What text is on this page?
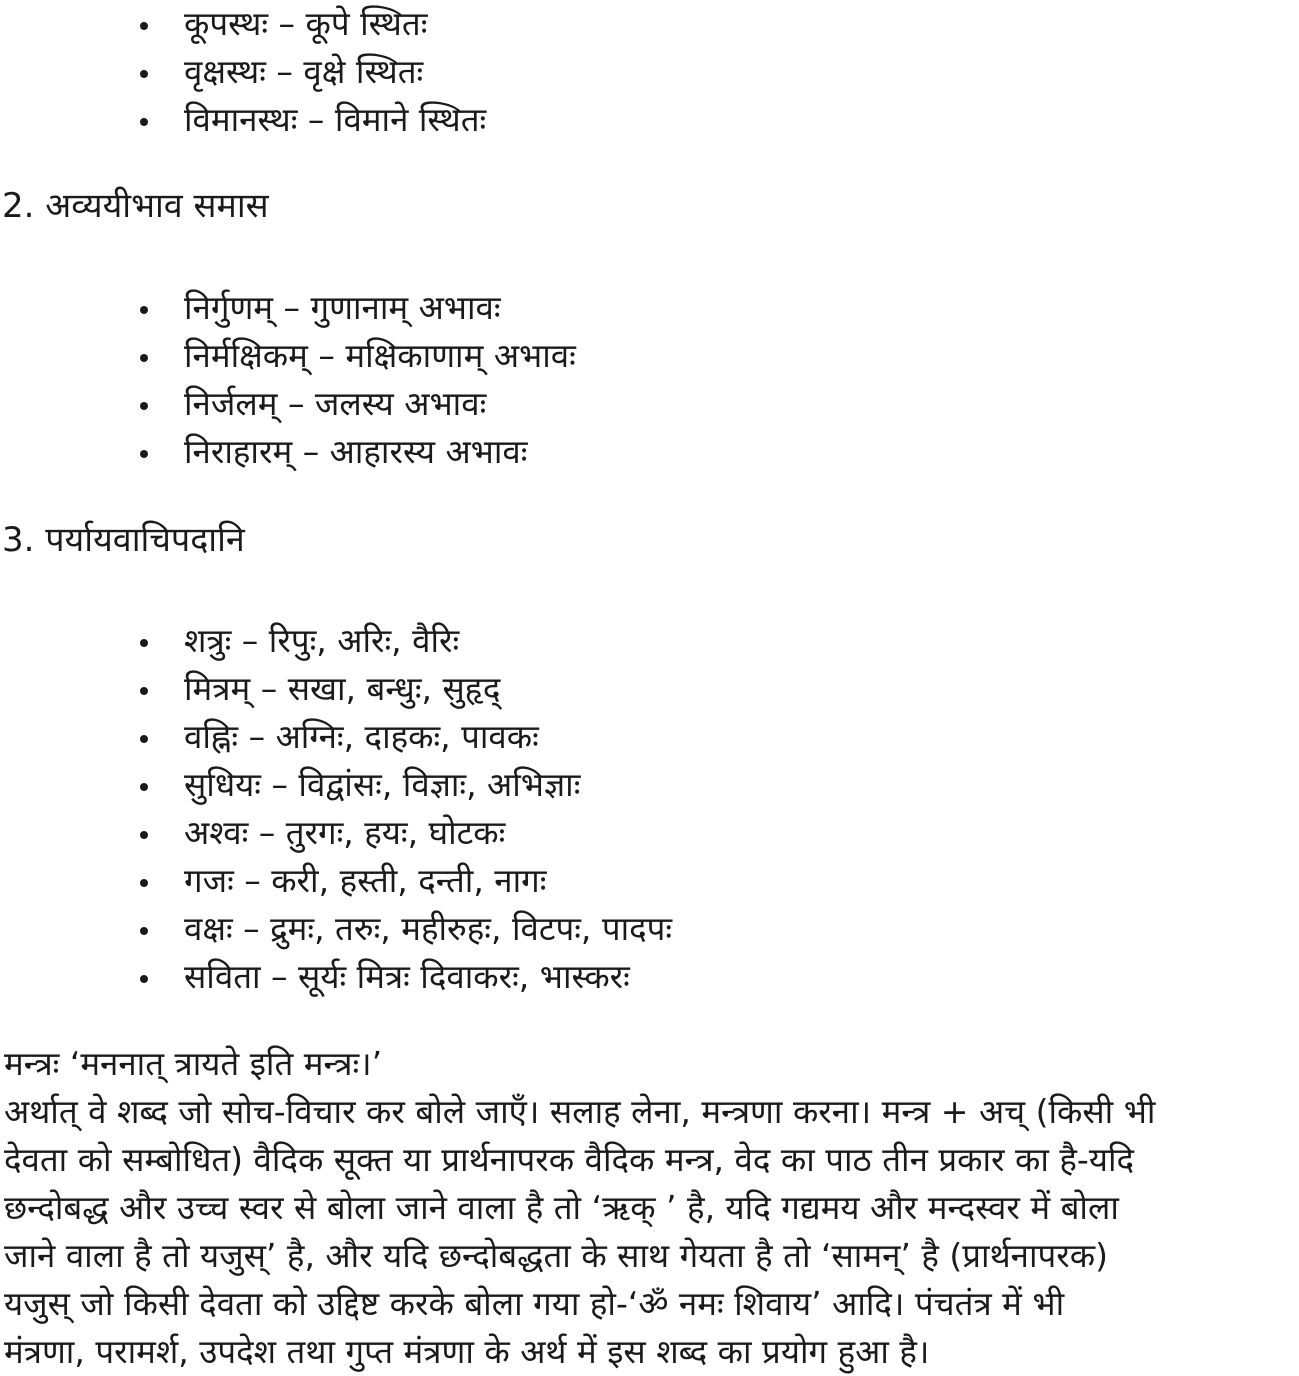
कूपस्थः – कूपे स्थितः
वृक्षस्थः – वृक्षे स्थितः
विमानस्थः – विमाने स्थितः
2. अव्ययीभाव समास
निर्गुणम् – गुणानाम् अभावः
निर्मक्षिकम् – मक्षिकाणाम् अभावः
निर्जलम् – जलस्य अभावः
निराहारम् – आहारस्य अभावः
3. पर्यायवाचिपदानि
शत्रुः – रिपुः, अरिः, वैरिः
मित्रम् – सखा, बन्धुः, सुहृद्
वह्निः – अग्निः, दाहकः, पावकः
सुधियः – विद्वांसः, विज्ञाः, अभिज्ञाः
अश्वः – तुरगः, हयः, घोटकः
गजः – करी, हस्ती, दन्ती, नागः
वक्षः – द्रुमः, तरुः, महीरुहः, विटपः, पादपः
सविता – सूर्यः मित्रः दिवाकरः, भास्करः
मन्त्रः ‘मननात् त्रायते इति मन्त्रः।’
अर्थात् वे शब्द जो सोच-विचार कर बोले जाएँ। सलाह लेना, मन्त्रणा करना। मन्त्र + अच् (किसी भी
देवता को सम्बोधित) वैदिक सूक्त या प्रार्थनापरक वैदिक मन्त्र, वेद का पाठ तीन प्रकार का है-यदि
छन्दोबद्ध और उच्च स्वर से बोला जाने वाला है तो ‘ऋक् ’ है, यदि गद्यमय और मन्दस्वर में बोला
जाने वाला है तो यजुस्’ है, और यदि छन्दोबद्धता के साथ गेयता है तो ‘सामन्’ है (प्रार्थनापरक)
यजुस् जो किसी देवता को उद्दिष्ट करके बोला गया हो-‘ॐ नमः शिवाय’ आदि। पंचतंत्र में भी
मंत्रणा, परामर्श, उपदेश तथा गुप्त मंत्रणा के अर्थ में इस शब्द का प्रयोग हुआ है।
